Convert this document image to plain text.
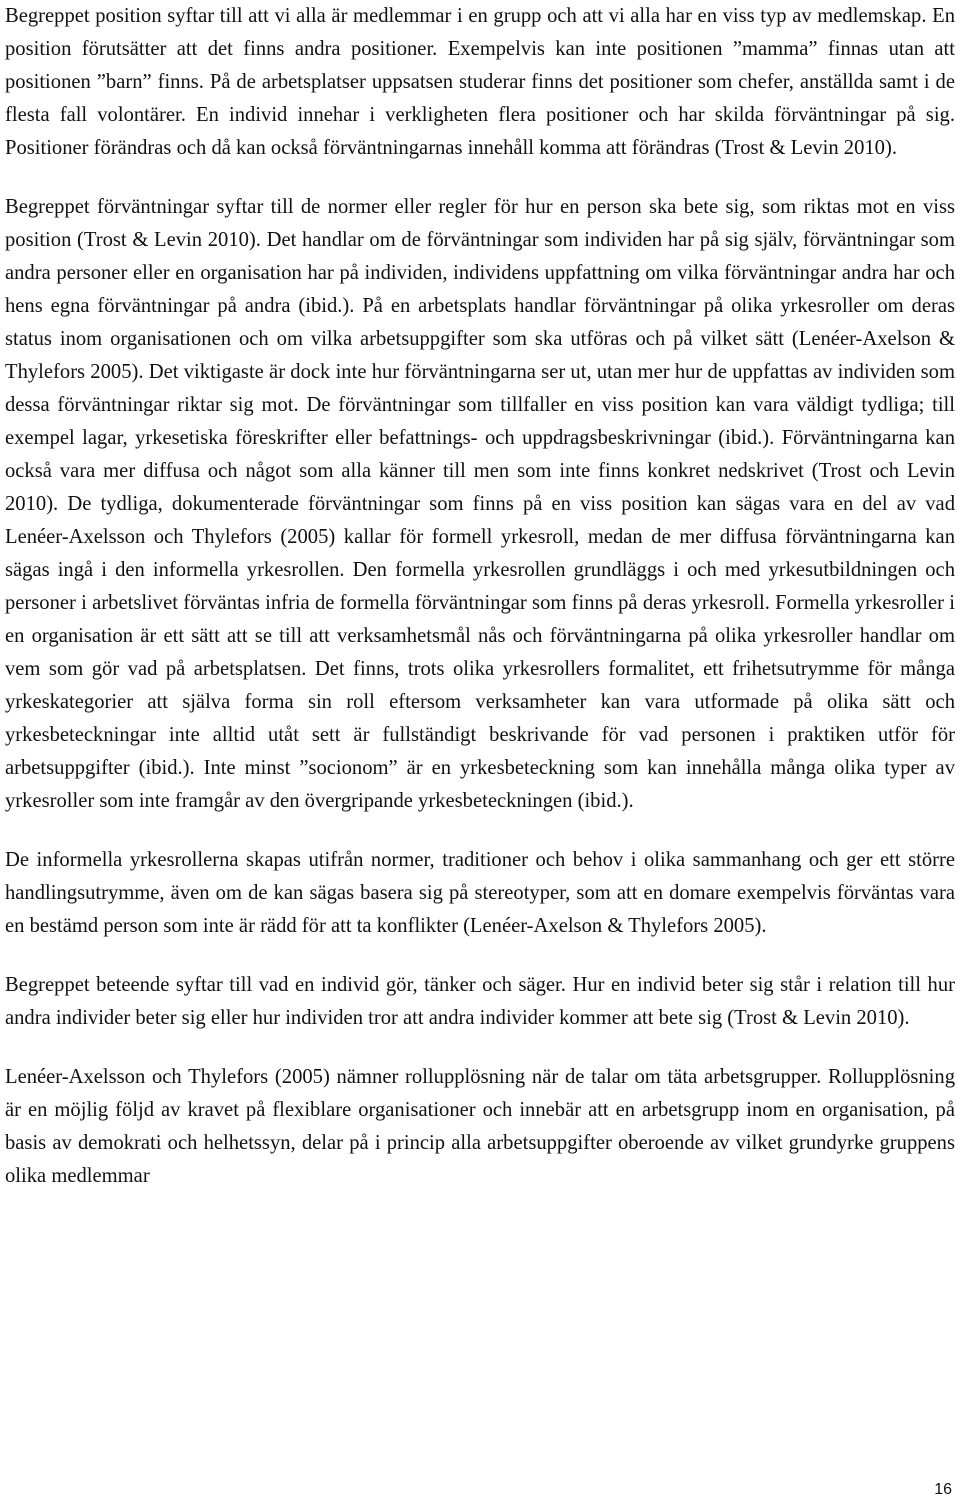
Begreppet position syftar till att vi alla är medlemmar i en grupp och att vi alla har en viss typ av medlemskap. En position förutsätter att det finns andra positioner. Exempelvis kan inte positionen ”mamma” finnas utan att positionen ”barn” finns. På de arbetsplatser uppsatsen studerar finns det positioner som chefer, anställda samt i de flesta fall volontärer. En individ innehar i verkligheten flera positioner och har skilda förväntningar på sig. Positioner förändras och då kan också förväntningarnas innehåll komma att förändras (Trost & Levin 2010).

Begreppet förväntningar syftar till de normer eller regler för hur en person ska bete sig, som riktas mot en viss position (Trost & Levin 2010). Det handlar om de förväntningar som individen har på sig själv, förväntningar som andra personer eller en organisation har på individen, individens uppfattning om vilka förväntningar andra har och hens egna förväntningar på andra (ibid.). På en arbetsplats handlar förväntningar på olika yrkesroller om deras status inom organisationen och om vilka arbetsuppgifter som ska utföras och på vilket sätt (Lenéer-Axelson & Thylefors 2005). Det viktigaste är dock inte hur förväntningarna ser ut, utan mer hur de uppfattas av individen som dessa förväntningar riktar sig mot. De förväntningar som tillfaller en viss position kan vara väldigt tydliga; till exempel lagar, yrkesetiska föreskrifter eller befattnings- och uppdragsbeskrivningar (ibid.). Förväntningarna kan också vara mer diffusa och något som alla känner till men som inte finns konkret nedskrivet (Trost och Levin 2010). De tydliga, dokumenterade förväntningar som finns på en viss position kan sägas vara en del av vad Lenéer-Axelsson och Thylefors (2005) kallar för formell yrkesroll, medan de mer diffusa förväntningarna kan sägas ingå i den informella yrkesrollen. Den formella yrkesrollen grundläggs i och med yrkesutbildningen och personer i arbetslivet förväntas infria de formella förväntningar som finns på deras yrkesroll. Formella yrkesroller i en organisation är ett sätt att se till att verksamhetsmål nås och förväntningarna på olika yrkesroller handlar om vem som gör vad på arbetsplatsen. Det finns, trots olika yrkesrollers formalitet, ett frihetsutrymme för många yrkeskategorier att själva forma sin roll eftersom verksamheter kan vara utformade på olika sätt och yrkesbeteckningar inte alltid utåt sett är fullständigt beskrivande för vad personen i praktiken utför för arbetsuppgifter (ibid.). Inte minst ”socionom” är en yrkesbeteckning som kan innehålla många olika typer av yrkesroller som inte framgår av den övergripande yrkesbeteckningen (ibid.).

De informella yrkesrollerna skapas utifrån normer, traditioner och behov i olika sammanhang och ger ett större handlingsutrymme, även om de kan sägas basera sig på stereotyper, som att en domare exempelvis förväntas vara en bestämd person som inte är rädd för att ta konflikter (Lenéer-Axelson & Thylefors 2005).

Begreppet beteende syftar till vad en individ gör, tänker och säger. Hur en individ beter sig står i relation till hur andra individer beter sig eller hur individen tror att andra individer kommer att bete sig (Trost & Levin 2010).

Lenéer-Axelsson och Thylefors (2005) nämner rollupplösning när de talar om täta arbetsgrupper. Rollupplösning är en möjlig följd av kravet på flexiblare organisationer och innebär att en arbetsgrupp inom en organisation, på basis av demokrati och helhetssyn, delar på i princip alla arbetsuppgifter oberoende av vilket grundyrke gruppens olika medlemmar

16
